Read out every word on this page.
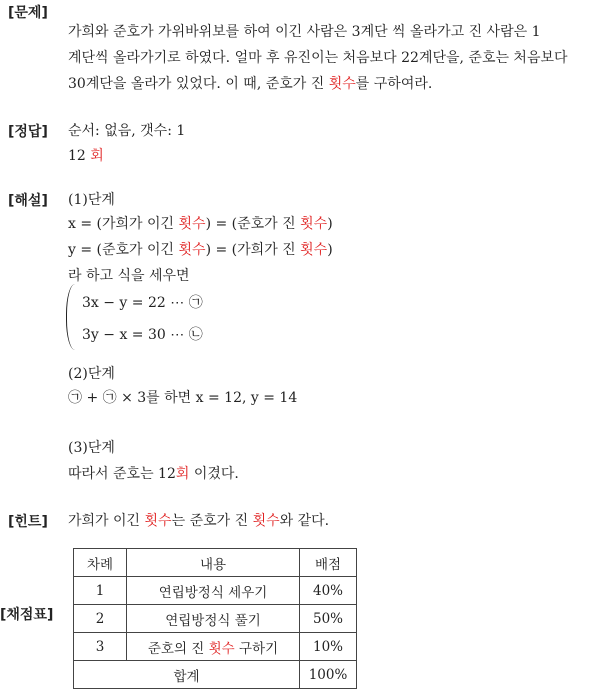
[문제]
[정답]
[해설]
[힌트]
[채점표]
가희와 준호가 가위바위보를 하여 이긴 사람은 3계단 씩 올라가고 진 사람은 1
계단씩 올라가기로 하였다. 얼마 후 유진이는 처음보다 22계단을, 준호는 처음보다
30계단을 올라가 있었다. 이 때, 준호가 진 횟수를 구하여라.
순서: 없음, 갯수: 1
12 회
(1)단계
x = (가희가 이긴 횟수) = (준호가 진 횟수)
y = (준호가 이긴 횟수) = (가희가 진 횟수)
라 하고 식을 세우면
3x − y = 22 ⋯ ㉠
3y − x = 30 ⋯ ㉡
(2)단계
㉠ + ㉠ × 3를 하면 x = 12, y = 14
(3)단계
따라서 준호는 12회 이겼다.
가희가 이긴 횟수는 준호가 진 횟수와 같다.
차례	내용	배점
1	연립방정식 세우기	40%
2	연립방정식 풀기	50%
3	준호의 진 횟수 구하기	10%
합계		100%
